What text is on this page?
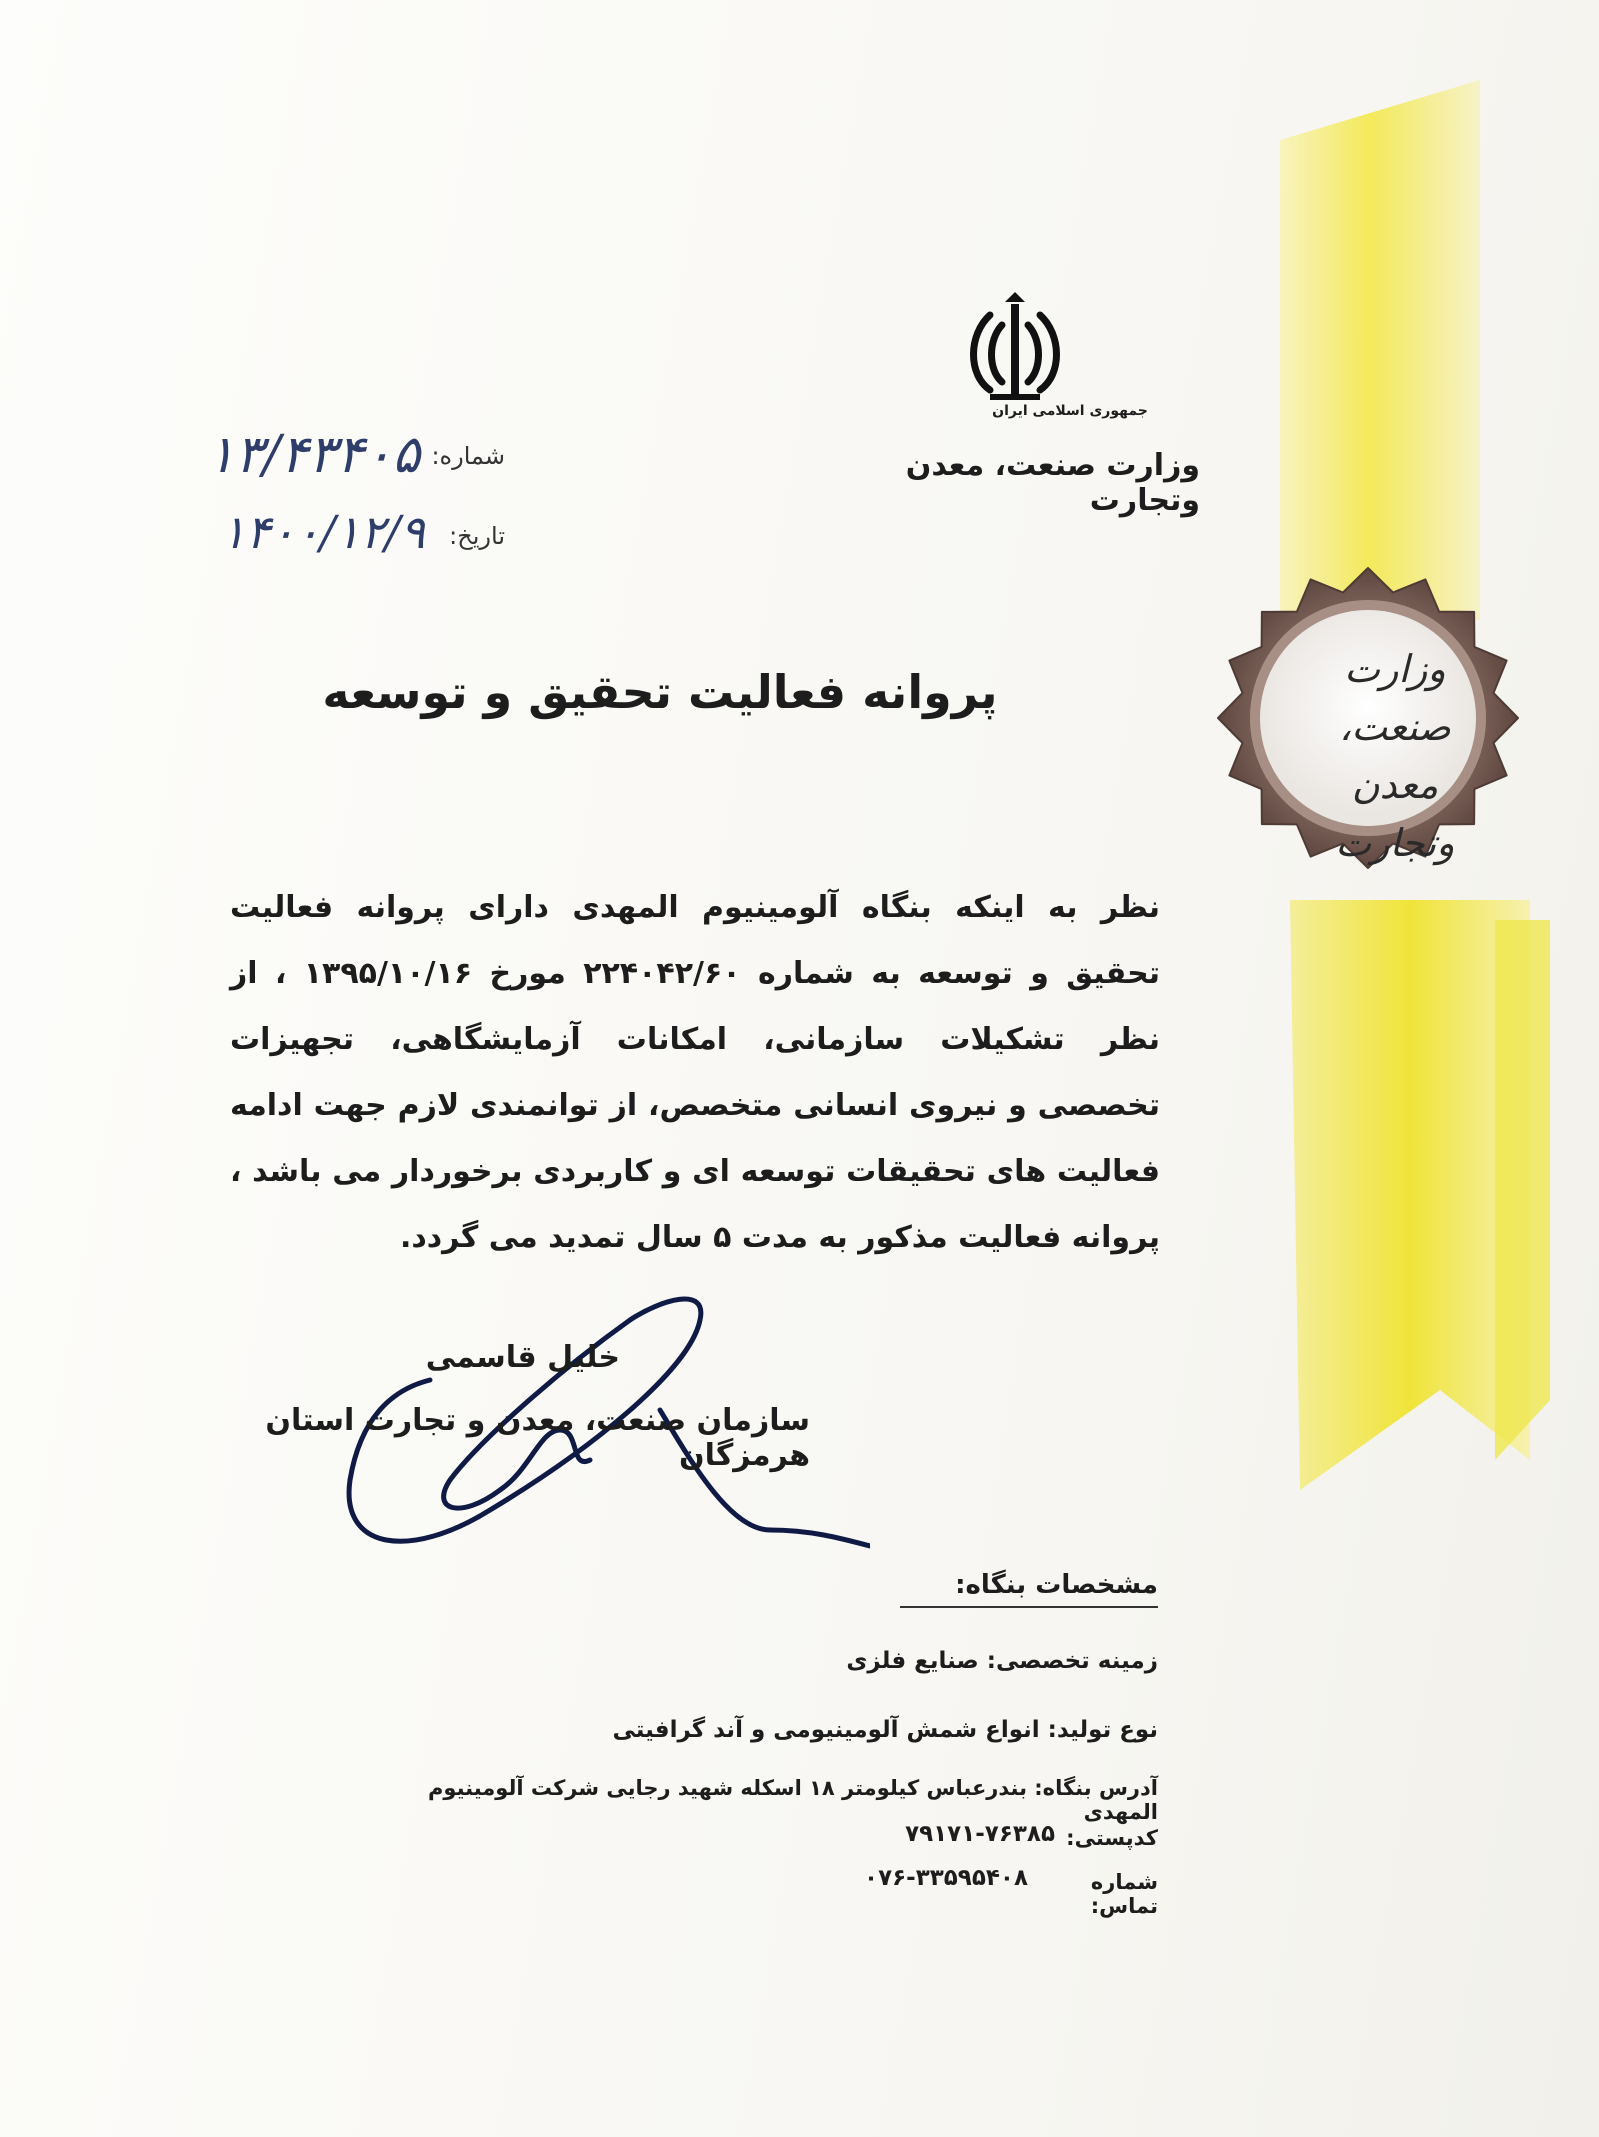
وزارت
صنعت، معدن
وتجارت
جمهوری اسلامی ایران
وزارت صنعت، معدن وتجارت
شماره:
۱۳/۴۳۴۰۵
تاریخ:
۱۴۰۰/۱۲/۹
پروانه فعالیت تحقیق و توسعه
نظر به اینکه بنگاه آلومینیوم المهدی دارای پروانه فعالیت تحقیق و توسعه به شماره ۲۲۴۰۴۲/۶۰ مورخ ۱۳۹۵/۱۰/۱۶ ، از نظر تشکیلات سازمانی، امکانات آزمایشگاهی، تجهیزات تخصصی و نیروی انسانی متخصص، از توانمندی لازم جهت ادامه فعالیت های تحقیقات توسعه ای و کاربردی برخوردار می باشد ، پروانه فعالیت مذکور به مدت ۵ سال تمدید می گردد.
خلیل قاسمی
سازمان صنعت، معدن و تجارت استان هرمزگان
مشخصات بنگاه:
زمینه تخصصی: صنایع فلزی
نوع تولید: انواع شمش آلومینیومی و آند گرافیتی
آدرس بنگاه: بندرعباس کیلومتر ۱۸ اسکله شهید رجایی شرکت آلومینیوم المهدی
کدپستی:
۷۹۱۷۱-۷۶۳۸۵
شماره تماس:
۰۷۶-۳۳۵۹۵۴۰۸
